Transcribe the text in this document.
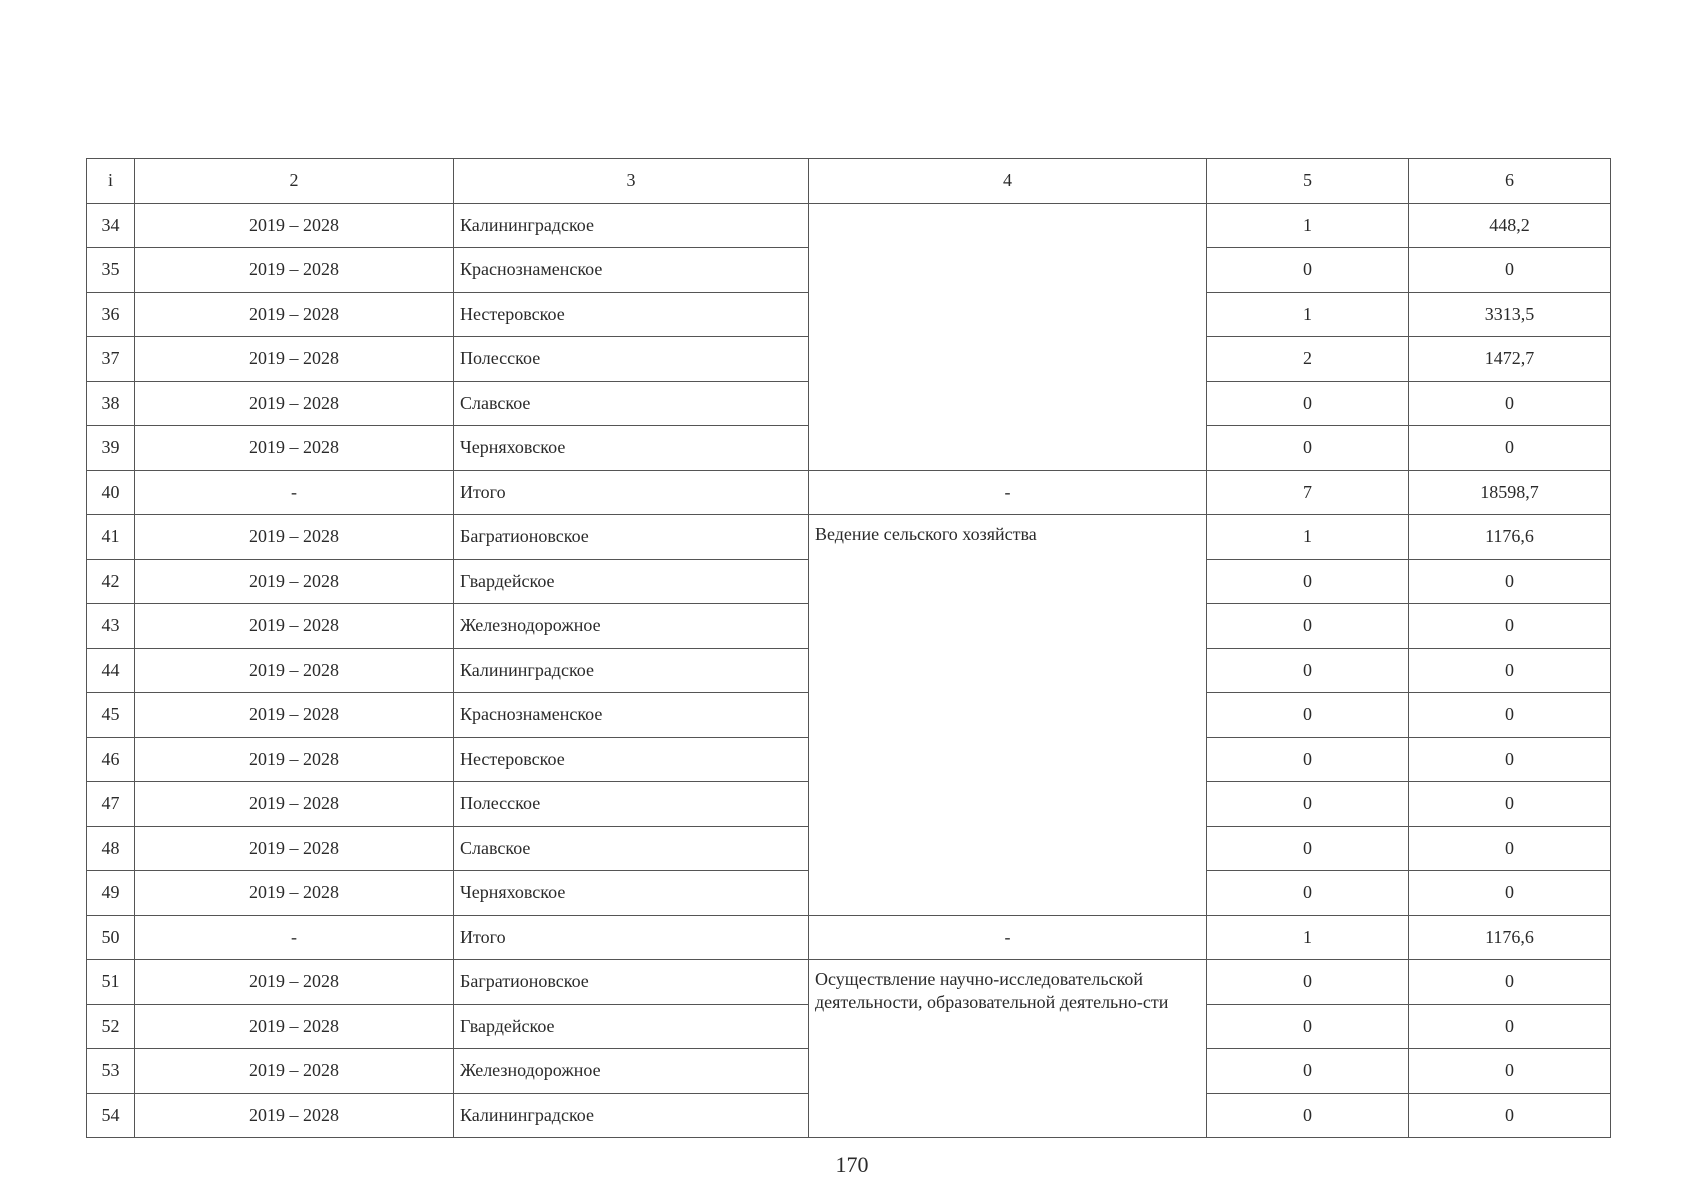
i	2	3	4	5	6
34	2019 – 2028	Калининградское		1	448,2
35	2019 – 2028	Краснознаменское		0	0
36	2019 – 2028	Нестеровское		1	3313,5
37	2019 – 2028	Полесское		2	1472,7
38	2019 – 2028	Славское		0	0
39	2019 – 2028	Черняховское		0	0
40	-	Итого	-	7	18598,7
41	2019 – 2028	Багратионовское	Ведение сельского хозяйства	1	1176,6
42	2019 – 2028	Гвардейское		0	0
43	2019 – 2028	Железнодорожное		0	0
44	2019 – 2028	Калининградское		0	0
45	2019 – 2028	Краснознаменское		0	0
46	2019 – 2028	Нестеровское		0	0
47	2019 – 2028	Полесское		0	0
48	2019 – 2028	Славское		0	0
49	2019 – 2028	Черняховское		0	0
50	-	Итого	-	1	1176,6
51	2019 – 2028	Багратионовское	Осуществление научно-исследовательской деятельности, образовательной деятельно-сти	0	0
52	2019 – 2028	Гвардейское		0	0
53	2019 – 2028	Железнодорожное		0	0
54	2019 – 2028	Калининградское		0	0
170
